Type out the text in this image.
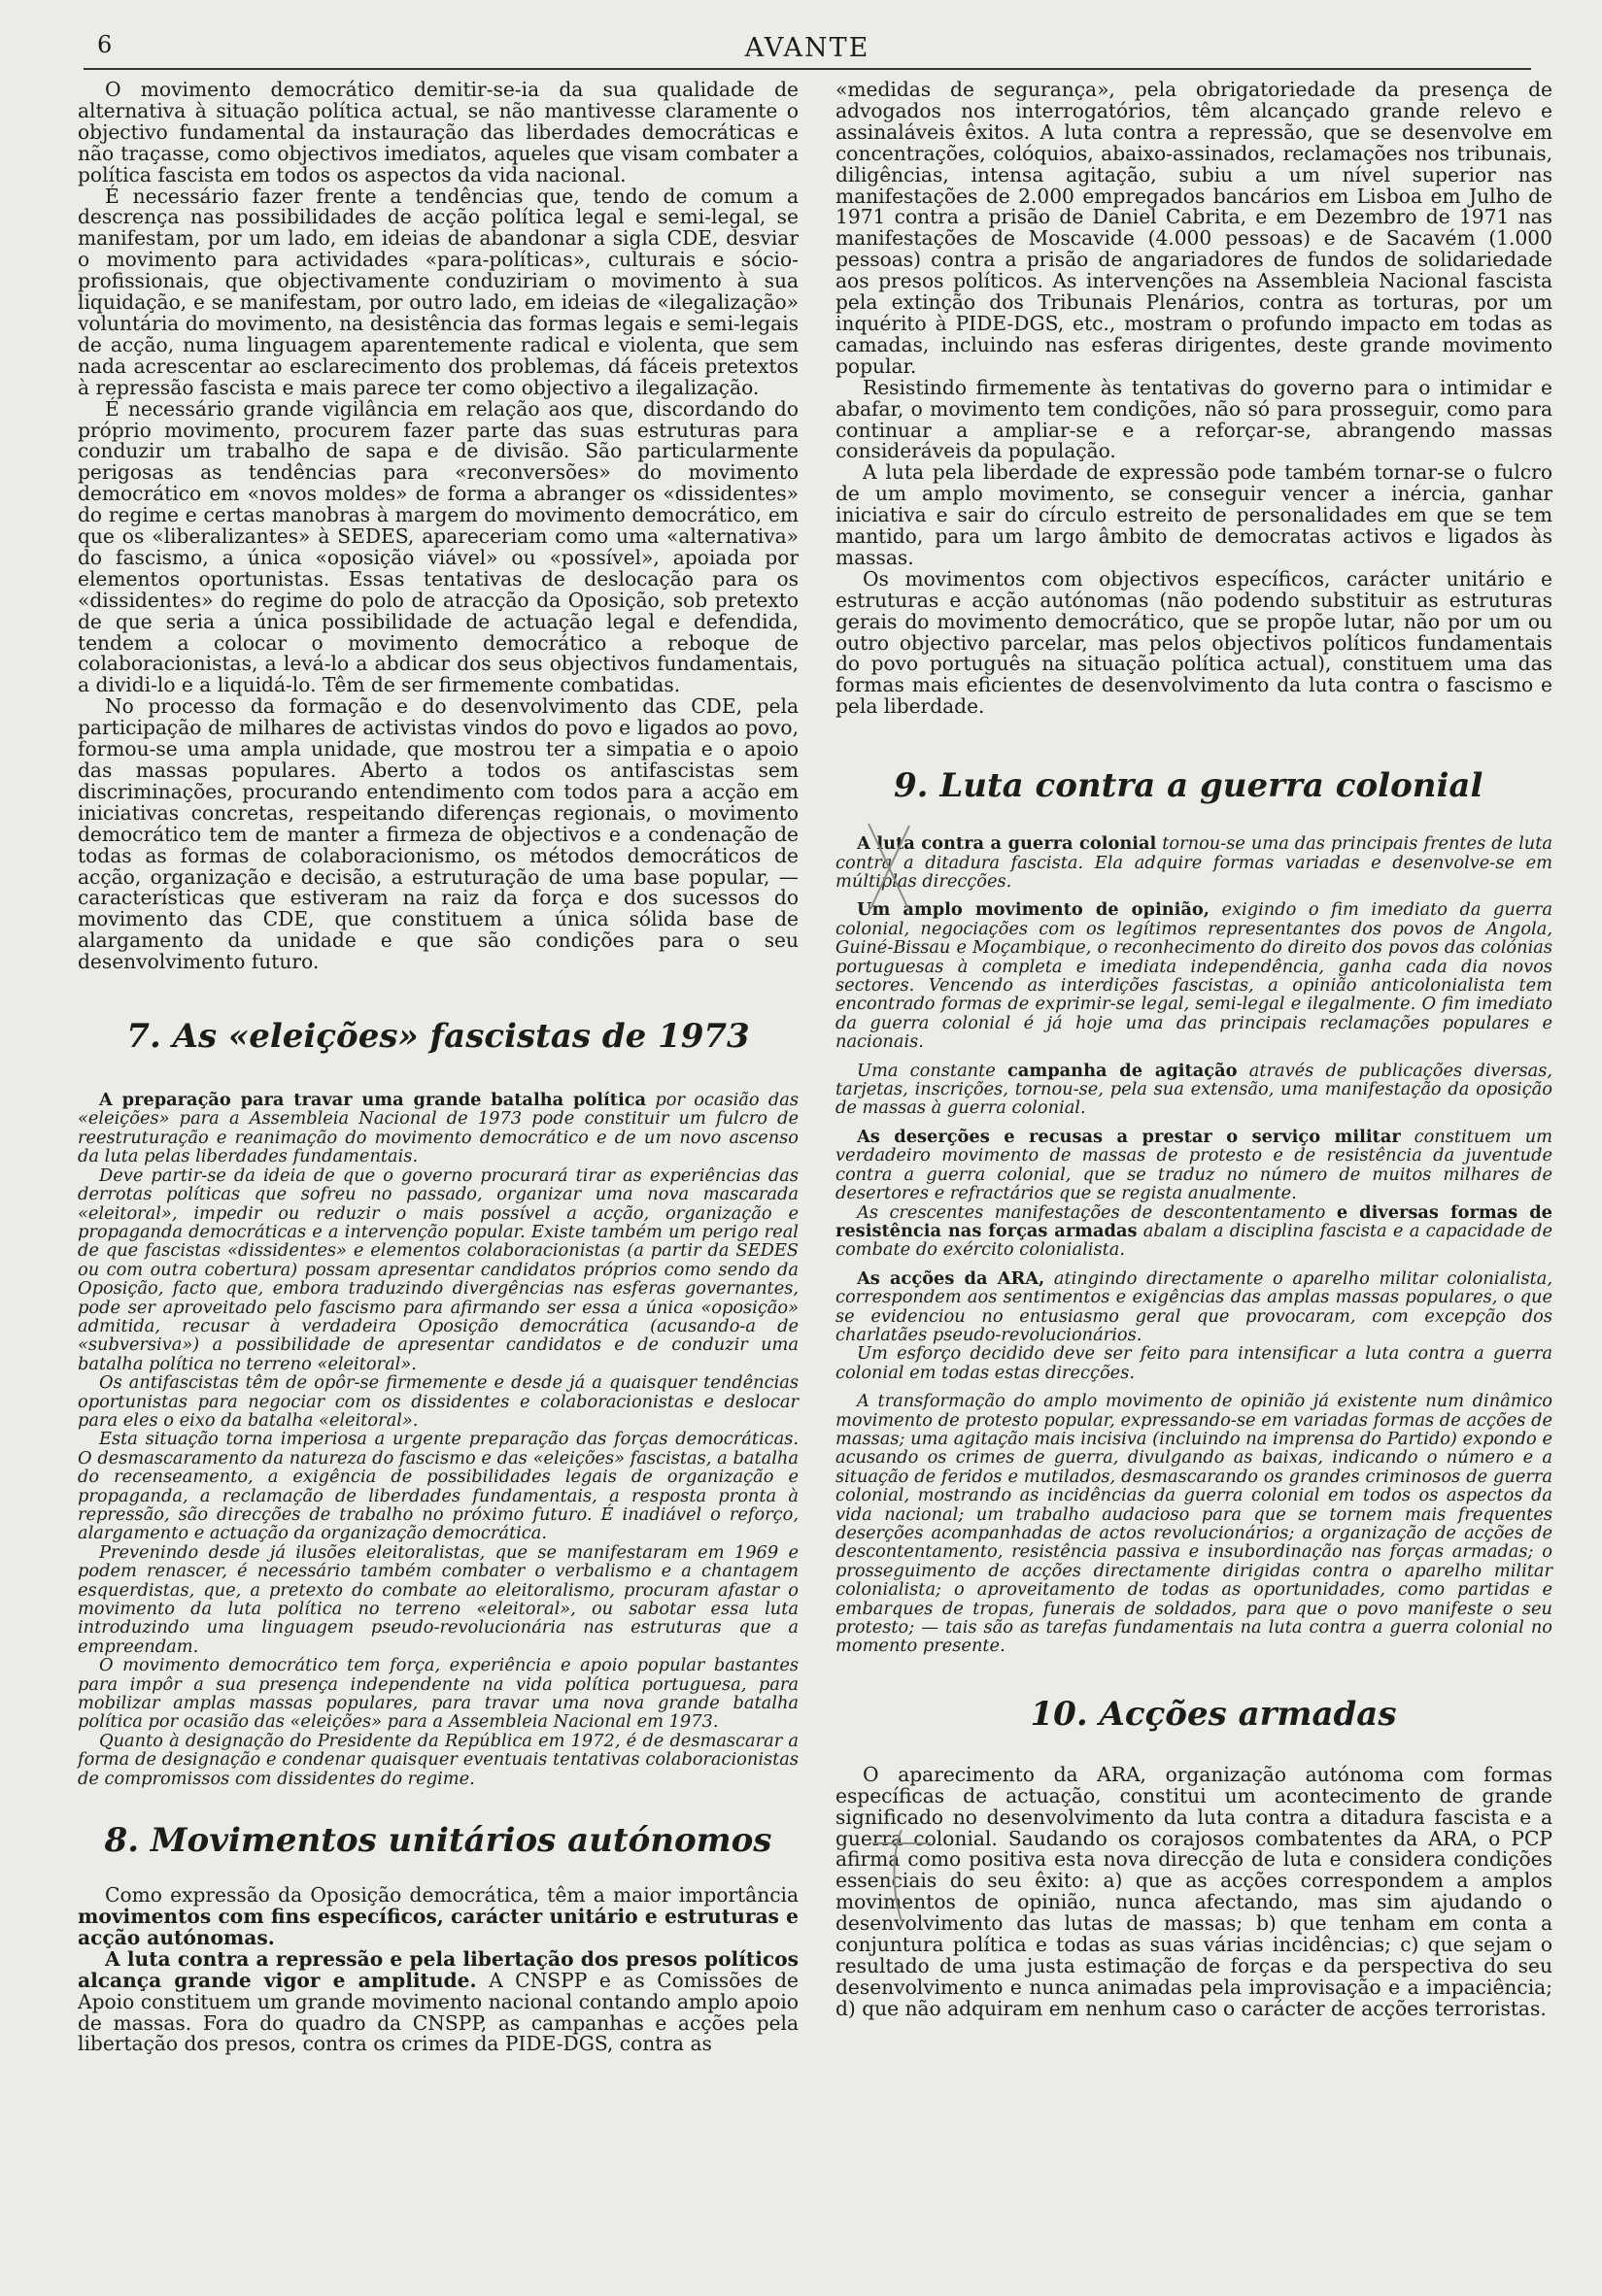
6	AVANTE

O movimento democrático demitir-se-ia da sua qualidade de alternativa à situação política actual, se não mantivesse claramente o objectivo fundamental da instauração das liberdades democráticas e não traçasse, como objectivos imediatos, aqueles que visam combater a política fascista em todos os aspectos da vida nacional.

É necessário fazer frente a tendências que, tendo de comum a descrença nas possibilidades de acção política legal e semi-legal, se manifestam, por um lado, em ideias de abandonar a sigla CDE, desviar o movimento para actividades «para-políticas», culturais e sócio-profissionais, que objectivamente conduziriam o movimento à sua liquidação, e se manifestam, por outro lado, em ideias de «ilegalização» voluntária do movimento, na desistência das formas legais e semi-legais de acção, numa linguagem aparentemente radical e violenta, que sem nada acrescentar ao esclarecimento dos problemas, dá fáceis pretextos à repressão fascista e mais parece ter como objectivo a ilegalização.

É necessário grande vigilância em relação aos que, discordando do próprio movimento, procurem fazer parte das suas estruturas para conduzir um trabalho de sapa e de divisão. São particularmente perigosas as tendências para «reconversões» do movimento democrático em «novos moldes» de forma a abranger os «dissidentes» do regime e certas manobras à margem do movimento democrático, em que os «liberalizantes» à SEDES, apareceriam como uma «alternativa» do fascismo, a única «oposição viável» ou «possível», apoiada por elementos oportunistas. Essas tentativas de deslocação para os «dissidentes» do regime do polo de atracção da Oposição, sob pretexto de que seria a única possibilidade de actuação legal e defendida, tendem a colocar o movimento democrático a reboque de colaboracionistas, a levá-lo a abdicar dos seus objectivos fundamentais, a dividi-lo e a liquidá-lo. Têm de ser firmemente combatidas.

No processo da formação e do desenvolvimento das CDE, pela participação de milhares de activistas vindos do povo e ligados ao povo, formou-se uma ampla unidade, que mostrou ter a simpatia e o apoio das massas populares. Aberto a todos os antifascistas sem discriminações, procurando entendimento com todos para a acção em iniciativas concretas, respeitando diferenças regionais, o movimento democrático tem de manter a firmeza de objectivos e a condenação de todas as formas de colaboracionismo, os métodos democráticos de acção, organização e decisão, a estruturação de uma base popular, — características que estiveram na raiz da força e dos sucessos do movimento das CDE, que constituem a única sólida base de alargamento da unidade e que são condições para o seu desenvolvimento futuro.

7. As «eleições» fascistas de 1973

A preparação para travar uma grande batalha política por ocasião das «eleições» para a Assembleia Nacional de 1973 pode constituir um fulcro de reestruturação e reanimação do movimento democrático e de um novo ascenso da luta pelas liberdades fundamentais.

Deve partir-se da ideia de que o governo procurará tirar as experiências das derrotas políticas que sofreu no passado, organizar uma nova mascarada «eleitoral», impedir ou reduzir o mais possível a acção, organização e propaganda democráticas e a intervenção popular. Existe também um perigo real de que fascistas «dissidentes» e elementos colaboracionistas (a partir da SEDES ou com outra cobertura) possam apresentar candidatos próprios como sendo da Oposição, facto que, embora traduzindo divergências nas esferas governantes, pode ser aproveitado pelo fascismo para afirmando ser essa a única «oposição» admitida, recusar à verdadeira Oposição democrática (acusando-a de «subversiva») a possibilidade de apresentar candidatos e de conduzir uma batalha política no terreno «eleitoral».

Os antifascistas têm de opôr-se firmemente e desde já a quaisquer tendências oportunistas para negociar com os dissidentes e colaboracionistas e deslocar para eles o eixo da batalha «eleitoral».

Esta situação torna imperiosa a urgente preparação das forças democráticas. O desmascaramento da natureza do fascismo e das «eleições» fascistas, a batalha do recenseamento, a exigência de possibilidades legais de organização e propaganda, a reclamação de liberdades fundamentais, a resposta pronta à repressão, são direcções de trabalho no próximo futuro. É inadiável o reforço, alargamento e actuação da organização democrática.

Prevenindo desde já ilusões eleitoralistas, que se manifestaram em 1969 e podem renascer, é necessário também combater o verbalismo e a chantagem esquerdistas, que, a pretexto do combate ao eleitoralismo, procuram afastar o movimento da luta política no terreno «eleitoral», ou sabotar essa luta introduzindo uma linguagem pseudo-revolucionária nas estruturas que a empreendam.

O movimento democrático tem força, experiência e apoio popular bastantes para impôr a sua presença independente na vida política portuguesa, para mobilizar amplas massas populares, para travar uma nova grande batalha política por ocasião das «eleições» para a Assembleia Nacional em 1973.

Quanto à designação do Presidente da República em 1972, é de desmascarar a forma de designação e condenar quaisquer eventuais tentativas colaboracionistas de compromissos com dissidentes do regime.

8. Movimentos unitários autónomos

Como expressão da Oposição democrática, têm a maior importância movimentos com fins específicos, carácter unitário e estruturas e acção autónomas.

A luta contra a repressão e pela libertação dos presos políticos alcança grande vigor e amplitude. A CNSPP e as Comissões de Apoio constituem um grande movimento nacional contando amplo apoio de massas. Fora do quadro da CNSPP, as campanhas e acções pela libertação dos presos, contra os crimes da PIDE-DGS, contra as

«medidas de segurança», pela obrigatoriedade da presença de advogados nos interrogatórios, têm alcançado grande relevo e assinaláveis êxitos. A luta contra a repressão, que se desenvolve em concentrações, colóquios, abaixo-assinados, reclamações nos tribunais, diligências, intensa agitação, subiu a um nível superior nas manifestações de 2.000 empregados bancários em Lisboa em Julho de 1971 contra a prisão de Daniel Cabrita, e em Dezembro de 1971 nas manifestações de Moscavide (4.000 pessoas) e de Sacavém (1.000 pessoas) contra a prisão de angariadores de fundos de solidariedade aos presos políticos. As intervenções na Assembleia Nacional fascista pela extinção dos Tribunais Plenários, contra as torturas, por um inquérito à PIDE-DGS, etc., mostram o profundo impacto em todas as camadas, incluindo nas esferas dirigentes, deste grande movimento popular.

Resistindo firmemente às tentativas do governo para o intimidar e abafar, o movimento tem condições, não só para prosseguir, como para continuar a ampliar-se e a reforçar-se, abrangendo massas consideráveis da população.

A luta pela liberdade de expressão pode também tornar-se o fulcro de um amplo movimento, se conseguir vencer a inércia, ganhar iniciativa e sair do círculo estreito de personalidades em que se tem mantido, para um largo âmbito de democratas activos e ligados às massas.

Os movimentos com objectivos específicos, carácter unitário e estruturas e acção autónomas (não podendo substituir as estruturas gerais do movimento democrático, que se propõe lutar, não por um ou outro objectivo parcelar, mas pelos objectivos políticos fundamentais do povo português na situação política actual), constituem uma das formas mais eficientes de desenvolvimento da luta contra o fascismo e pela liberdade.

9. Luta contra a guerra colonial

A luta contra a guerra colonial tornou-se uma das principais frentes de luta contra a ditadura fascista. Ela adquire formas variadas e desenvolve-se em múltiplas direcções.

Um amplo movimento de opinião, exigindo o fim imediato da guerra colonial, negociações com os legítimos representantes dos povos de Angola, Guiné-Bissau e Moçambique, o reconhecimento do direito dos povos das colónias portuguesas à completa e imediata independência, ganha cada dia novos sectores. Vencendo as interdições fascistas, a opinião anticolonialista tem encontrado formas de exprimir-se legal, semi-legal e ilegalmente. O fim imediato da guerra colonial é já hoje uma das principais reclamações populares e nacionais.

Uma constante campanha de agitação através de publicações diversas, tarjetas, inscrições, tornou-se, pela sua extensão, uma manifestação da oposição de massas à guerra colonial.

As deserções e recusas a prestar o serviço militar constituem um verdadeiro movimento de massas de protesto e de resistência da juventude contra a guerra colonial, que se traduz no número de muitos milhares de desertores e refractários que se regista anualmente.

As crescentes manifestações de descontentamento e diversas formas de resistência nas forças armadas abalam a disciplina fascista e a capacidade de combate do exército colonialista.

As acções da ARA, atingindo directamente o aparelho militar colonialista, correspondem aos sentimentos e exigências das amplas massas populares, o que se evidenciou no entusiasmo geral que provocaram, com excepção dos charlatães pseudo-revolucionários.

Um esforço decidido deve ser feito para intensificar a luta contra a guerra colonial em todas estas direcções.

A transformação do amplo movimento de opinião já existente num dinâmico movimento de protesto popular, expressando-se em variadas formas de acções de massas; uma agitação mais incisiva (incluindo na imprensa do Partido) expondo e acusando os crimes de guerra, divulgando as baixas, indicando o número e a situação de feridos e mutilados, desmascarando os grandes criminosos de guerra colonial, mostrando as incidências da guerra colonial em todos os aspectos da vida nacional; um trabalho audacioso para que se tornem mais frequentes deserções acompanhadas de actos revolucionários; a organização de acções de descontentamento, resistência passiva e insubordinação nas forças armadas; o prosseguimento de acções directamente dirigidas contra o aparelho militar colonialista; o aproveitamento de todas as oportunidades, como partidas e embarques de tropas, funerais de soldados, para que o povo manifeste o seu protesto; — tais são as tarefas fundamentais na luta contra a guerra colonial no momento presente.

10. Acções armadas

O aparecimento da ARA, organização autónoma com formas específicas de actuação, constitui um acontecimento de grande significado no desenvolvimento da luta contra a ditadura fascista e a guerra colonial. Saudando os corajosos combatentes da ARA, o PCP afirma como positiva esta nova direcção de luta e considera condições essenciais do seu êxito: a) que as acções correspondem a amplos movimentos de opinião, nunca afectando, mas sim ajudando o desenvolvimento das lutas de massas; b) que tenham em conta a conjuntura política e todas as suas várias incidências; c) que sejam o resultado de uma justa estimação de forças e da perspectiva do seu desenvolvimento e nunca animadas pela improvisação e a impaciência; d) que não adquiram em nenhum caso o carácter de acções terroristas.
